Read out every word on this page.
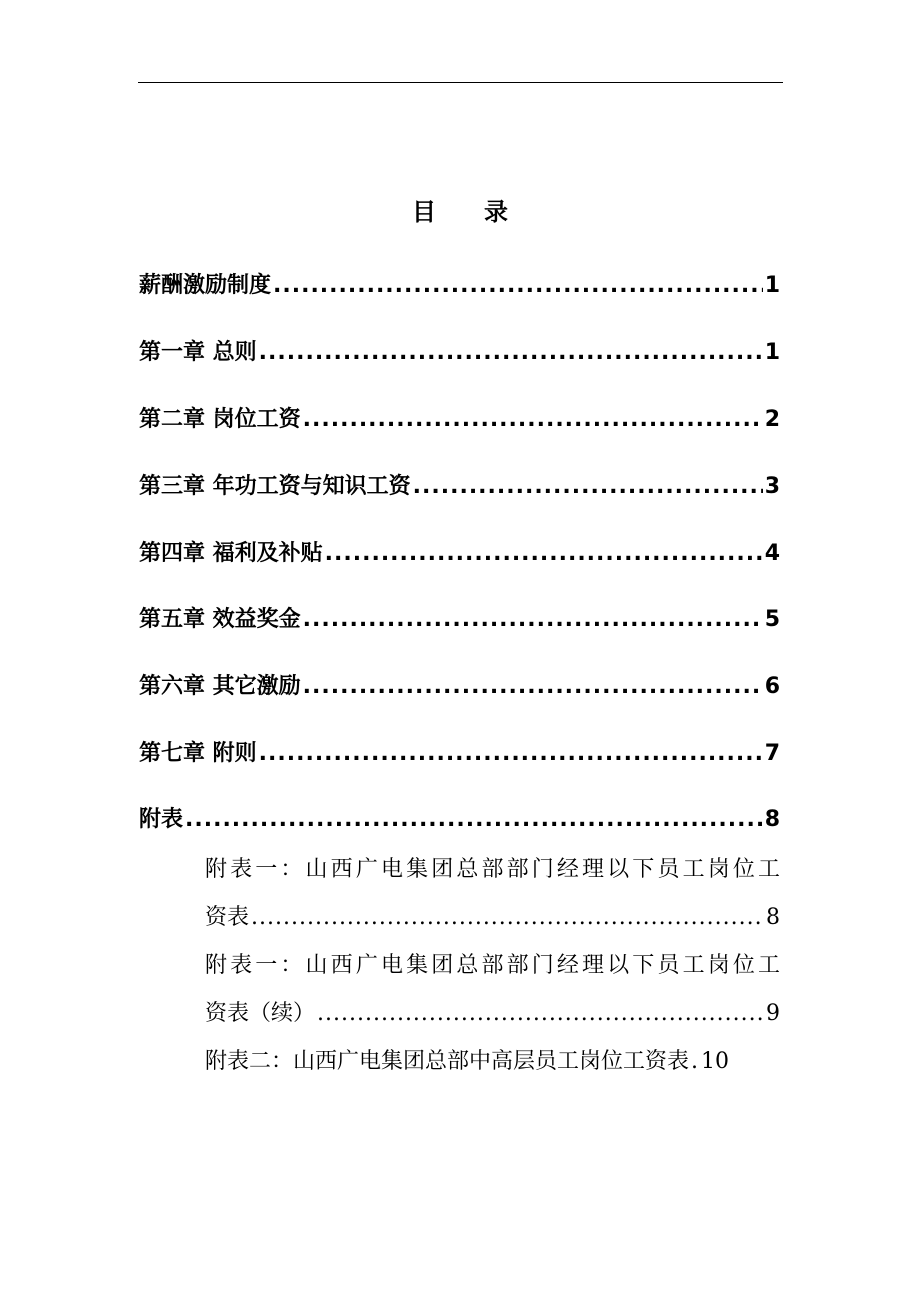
目录
薪酬激励制度 .....	1
第一章 总则 .....	1
第二章 岗位工资 .....	2
第三章 年功工资与知识工资 .....	3
第四章 福利及补贴 .....	4
第五章 效益奖金 .....	5
第六章 其它激励 .....	6
第七章 附则 .....	7
附表 .....	8
附表一：山西广电集团总部部门经理以下员工岗位工
资表 .....	8
附表一：山西广电集团总部部门经理以下员工岗位工
资表（续） .....	9
附表二：山西广电集团总部中高层员工岗位工资表 ..... 10
